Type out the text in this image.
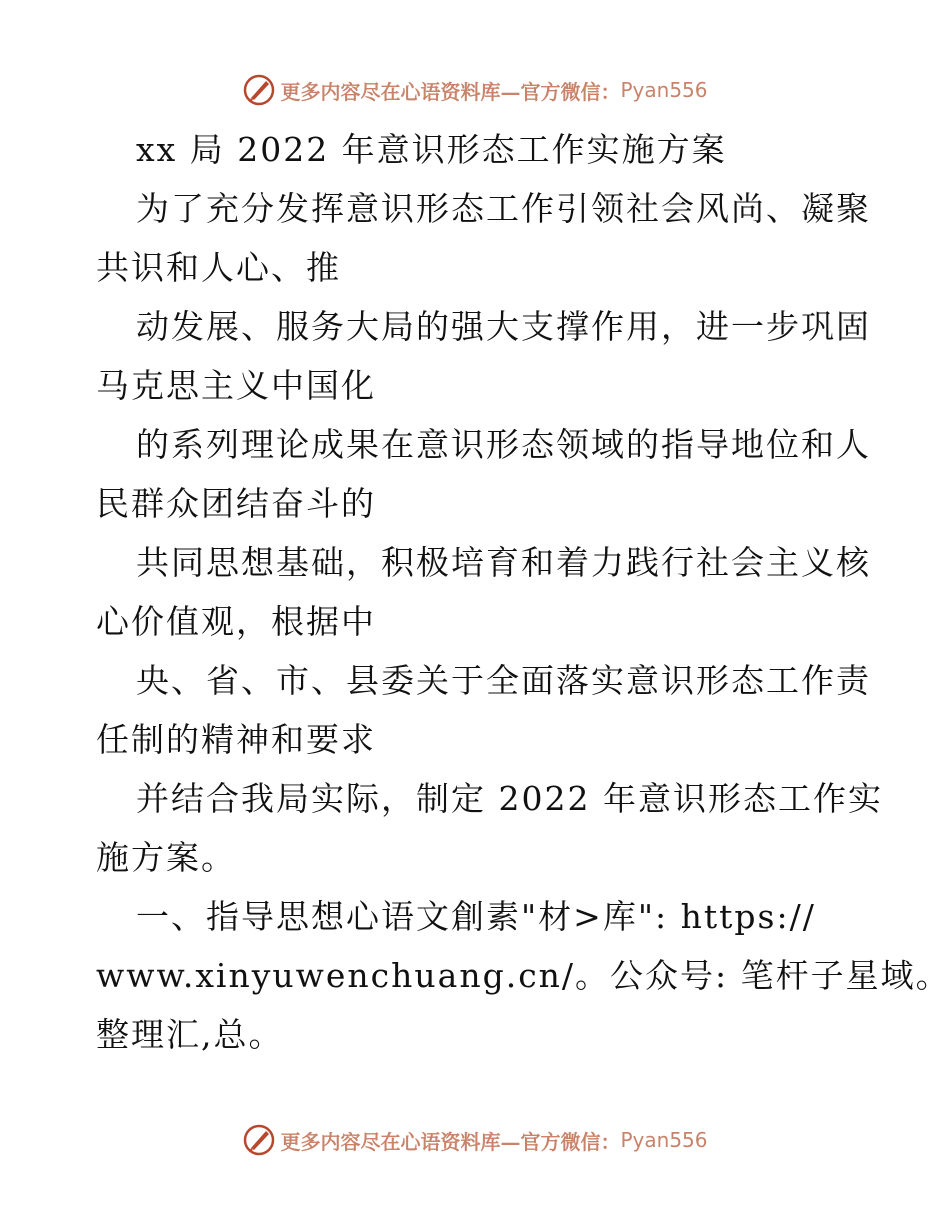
更多内容尽在心语资料库—官方微信： Pyan556
xx 局 2022 年意识形态工作实施方案
为了充分发挥意识形态工作引领社会风尚、凝聚
共识和人心、推
动发展、服务大局的强大支撑作用，进一步巩固
马克思主义中国化
的系列理论成果在意识形态领域的指导地位和人
民群众团结奋斗的
共同思想基础，积极培育和着力践行社会主义核
心价值观，根据中
央、省、市、县委关于全面落实意识形态工作责
任制的精神和要求
并结合我局实际，制定 2022 年意识形态工作实
施方案。
一、指导思想心语文創素"材>库": https://
www.xinyuwenchuang.cn/。公众号: 笔杆子星域。
整理汇,总。
更多内容尽在心语资料库—官方微信： Pyan556
